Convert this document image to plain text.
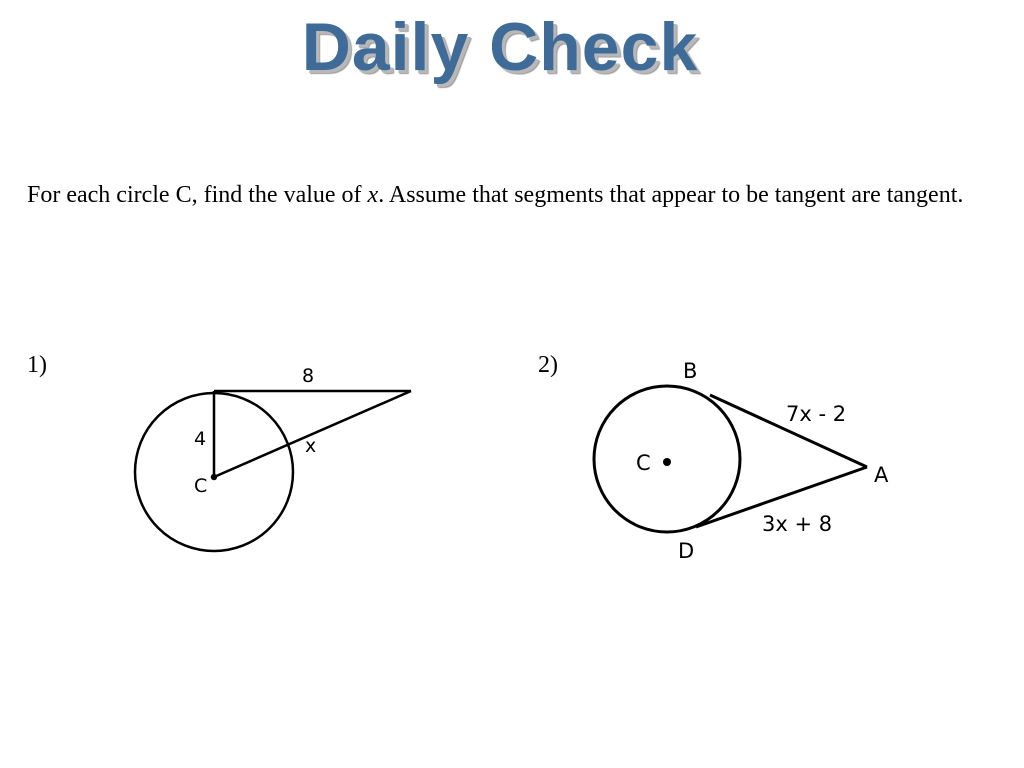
Daily Check
For each circle C, find the value of x. Assume that segments that appear to be tangent are tangent.
1)	2)
8
4	x
C
B
A
D
C
7x - 2
3x + 8
